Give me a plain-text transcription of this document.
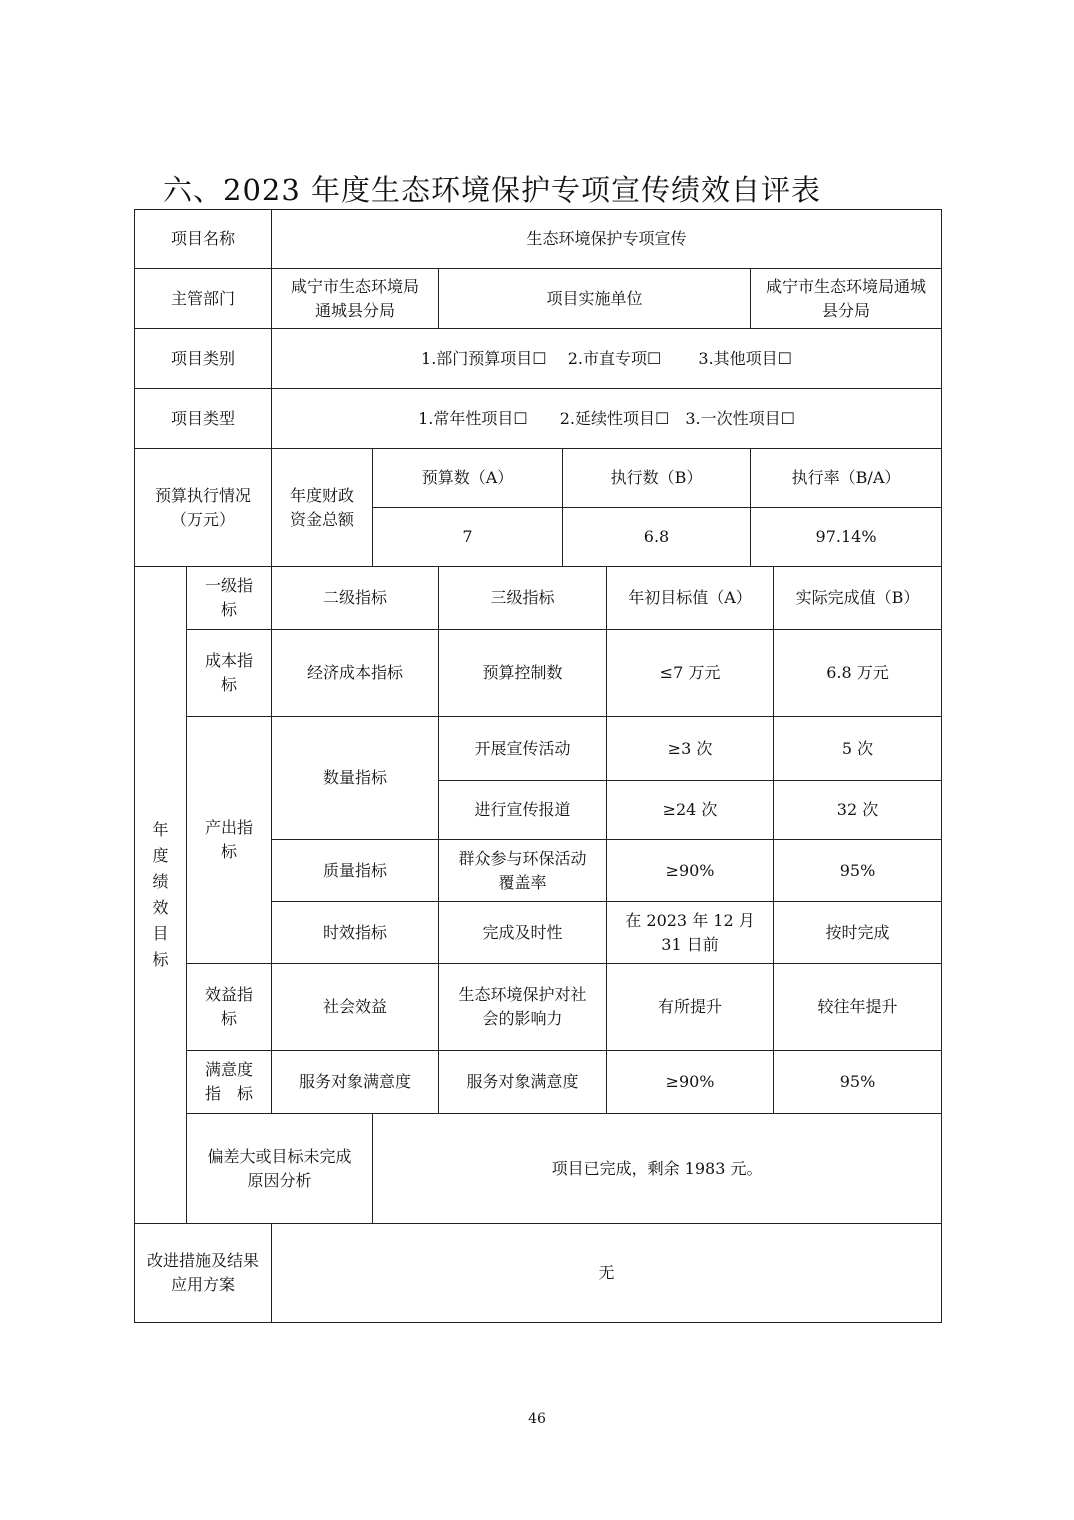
六、2023 年度生态环境保护专项宣传绩效自评表
项目名称		生态环境保护专项宣传						
主管部门		咸宁市生态环境局通城县分局		项目实施单位			咸宁市生态环境局通城县分局	
项目类别		1.部门预算项目☐　 2.市直专项☐　　 3.其他项目☐						
项目类型		1.常年性项目☐　　2.延续性项目☐　3.一次性项目☐						
预算执行情况（万元）		年度财政资金总额	预算数（A）		执行数（B）		执行率（B/A）	
			7		6.8		97.14%	
年度绩效目标	一级指标	二级指标		三级指标		年初目标值（A）		实际完成值（B）
	成本指标	经济成本指标		预算控制数		≤7 万元		6.8 万元
	产出指标	数量指标		开展宣传活动		≥3 次		5 次
				进行宣传报道		≥24 次		32 次
		质量指标		群众参与环保活动覆盖率		≥90%		95%
		时效指标		完成及时性		在 2023 年 12 月 31 日前		按时完成
	效益指标	社会效益		生态环境保护对社会的影响力		有所提升		较往年提升
	满意度指　标	服务对象满意度		服务对象满意度		≥90%		95%
	偏差大或目标未完成原因分析		项目已完成，剩余 1983 元。					
改进措施及结果应用方案		无						
46
